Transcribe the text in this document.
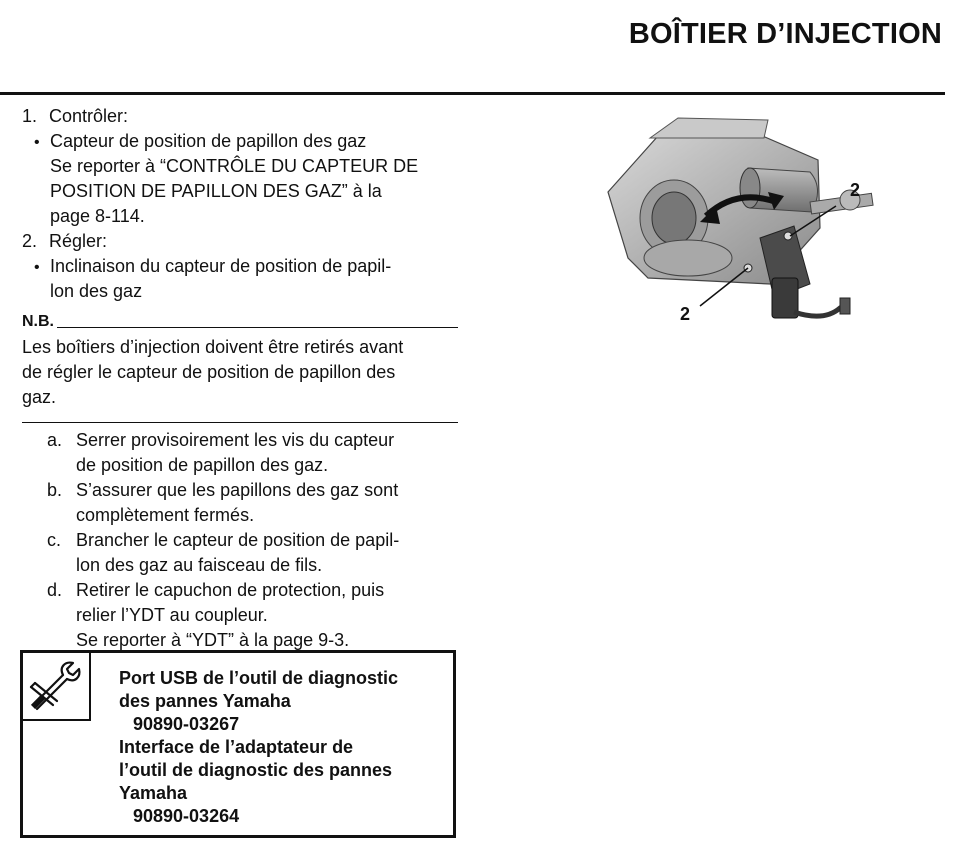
BOÎTIER D’INJECTION
1. Contrôler:
• Capteur de position de papillon des gaz
Se reporter à “CONTRÔLE DU CAPTEUR DE
POSITION DE PAPILLON DES GAZ” à la
page 8-114.
2. Régler:
• Inclinaison du capteur de position de papil-
lon des gaz
N.B.
Les boîtiers d’injection doivent être retirés avant
de régler le capteur de position de papillon des
gaz.
a. Serrer provisoirement les vis du capteur
de position de papillon des gaz.
b. S’assurer que les papillons des gaz sont
complètement fermés.
c. Brancher le capteur de position de papil-
lon des gaz au faisceau de fils.
d. Retirer le capuchon de protection, puis
relier l’YDT au coupleur.
Se reporter à “YDT” à la page 9-3.
Port USB de l’outil de diagnostic
des pannes Yamaha
90890-03267
Interface de l’adaptateur de
l’outil de diagnostic des pannes
Yamaha
90890-03264
2
2
